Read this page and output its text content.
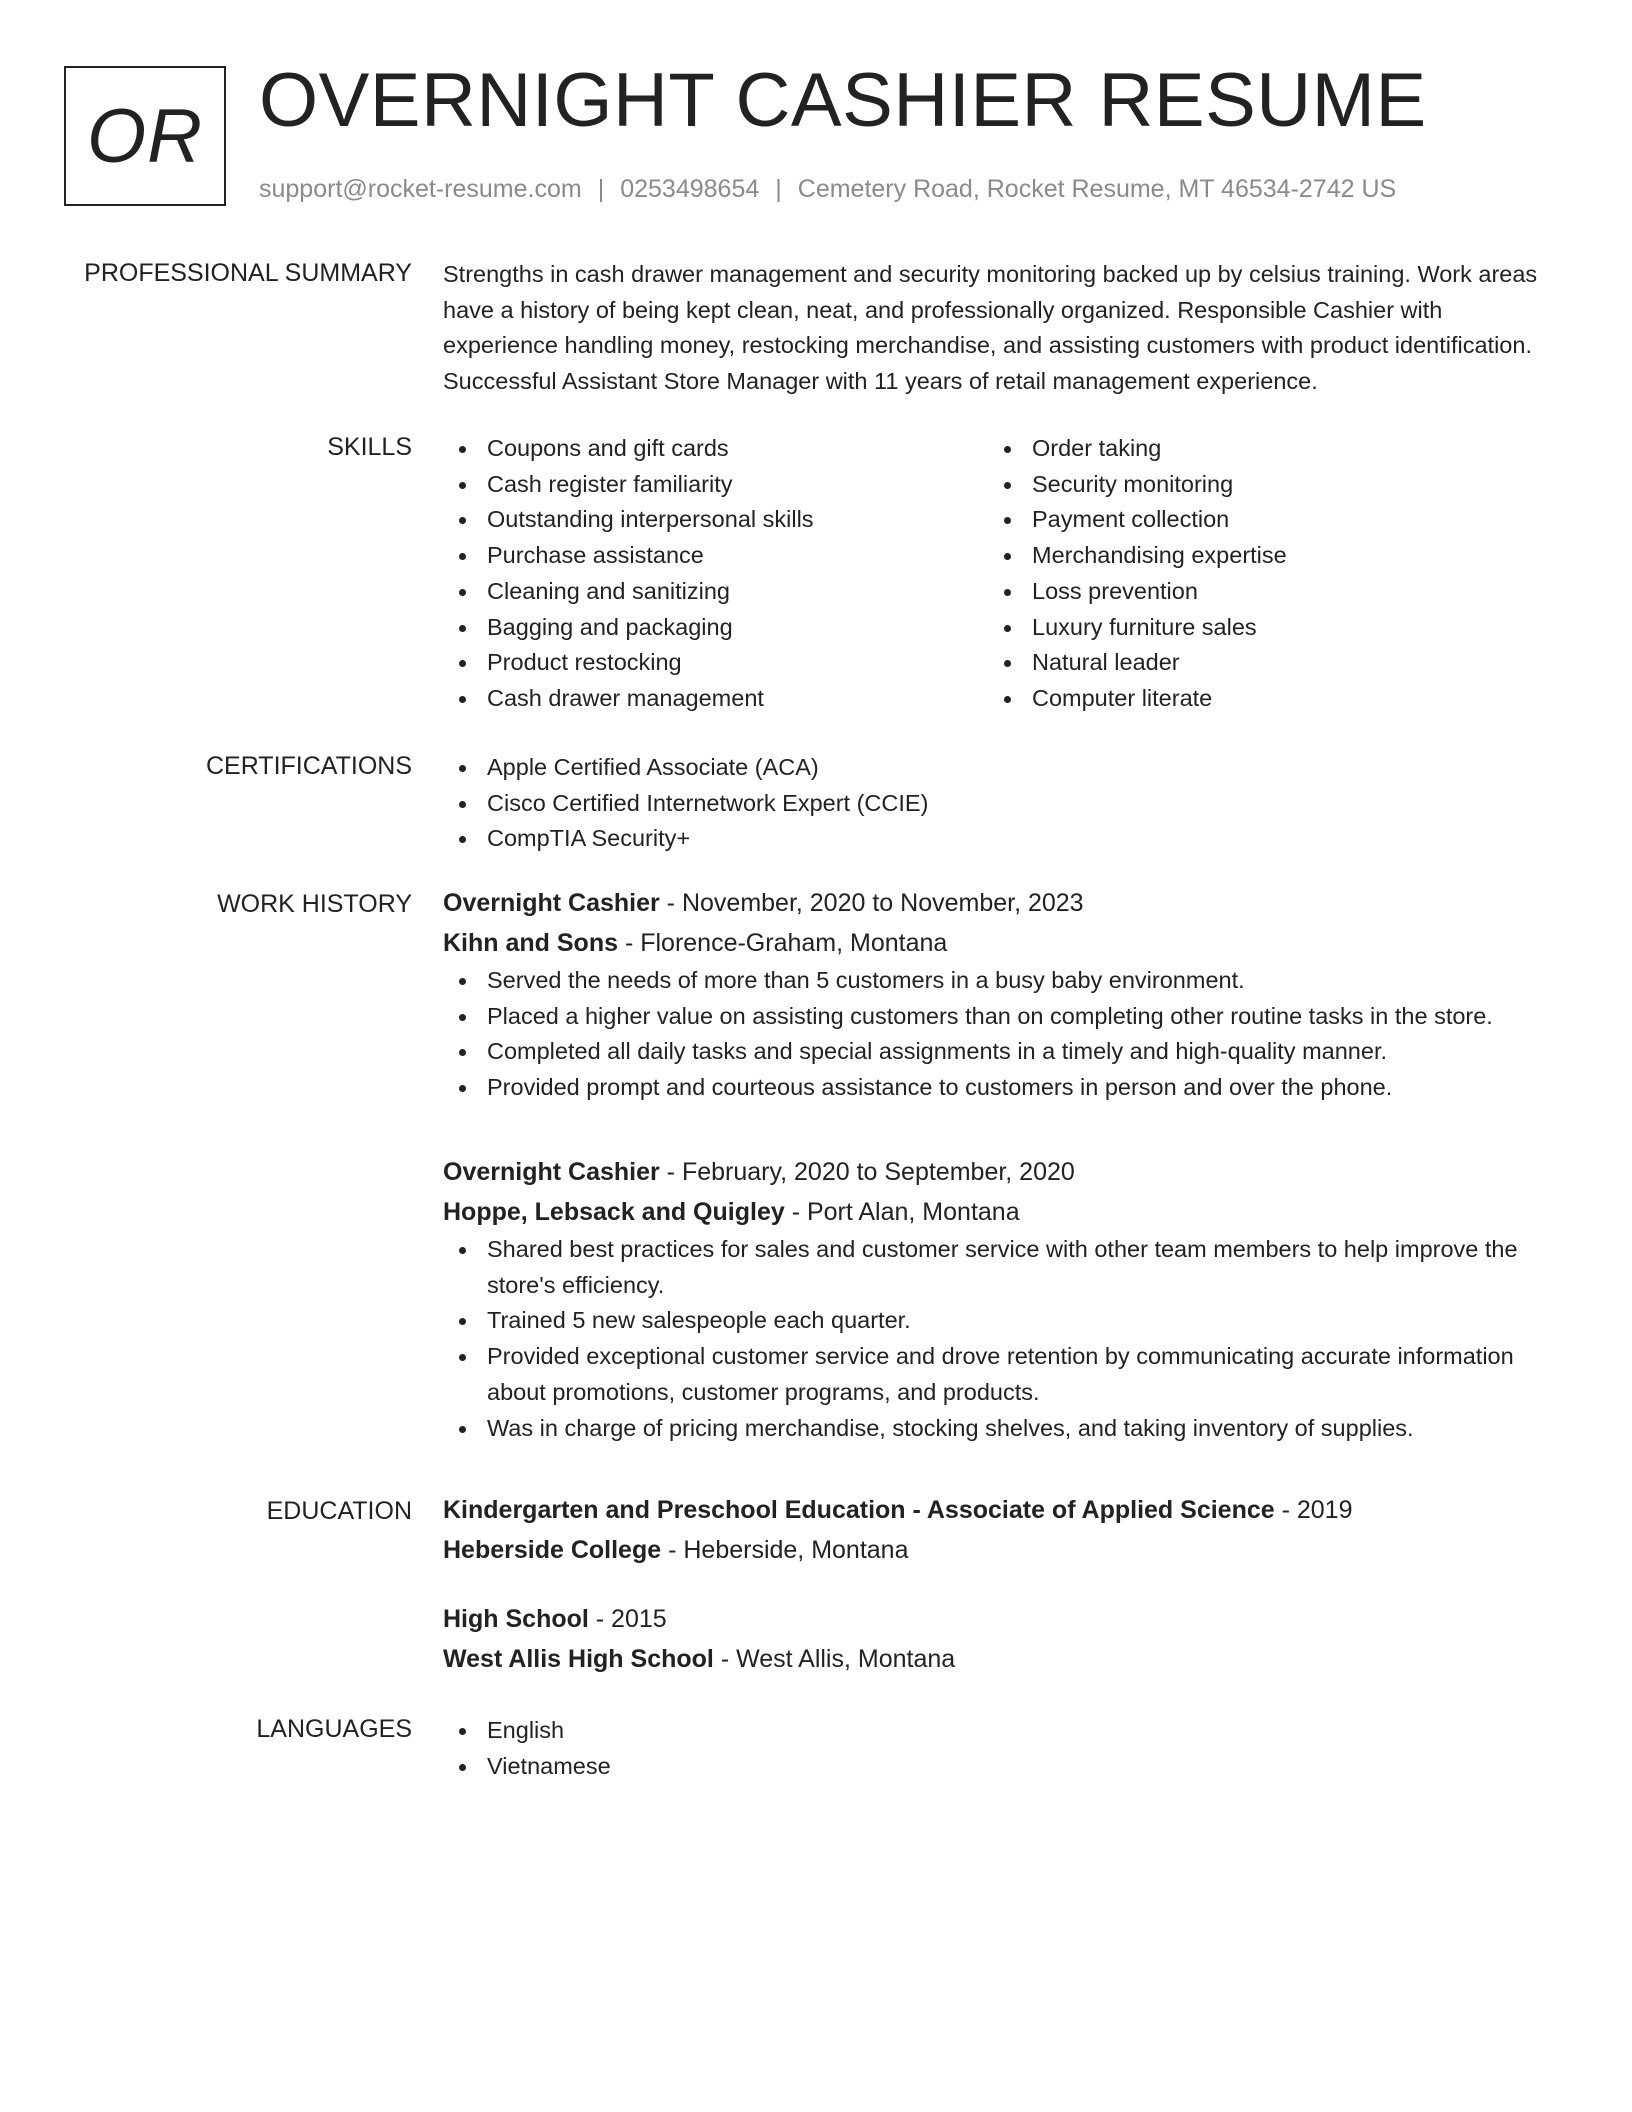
OR OVERNIGHT CASHIER RESUME
support@rocket-resume.com | 0253498654 | Cemetery Road, Rocket Resume, MT 46534-2742 US
PROFESSIONAL SUMMARY Strengths in cash drawer management and security monitoring backed up by celsius training. Work areas have a history of being kept clean, neat, and professionally organized. Responsible Cashier with experience handling money, restocking merchandise, and assisting customers with product identification. Successful Assistant Store Manager with 11 years of retail management experience.
SKILLS	Coupons and gift cards
Cash register familiarity
Outstanding interpersonal skills
Purchase assistance
Cleaning and sanitizing
Bagging and packaging
Product restocking
Cash drawer management
Order taking
Security monitoring
Payment collection
Merchandising expertise
Loss prevention
Luxury furniture sales
Natural leader
Computer literate
CERTIFICATIONS	Apple Certified Associate (ACA)
Cisco Certified Internetwork Expert (CCIE)
CompTIA Security+
WORK HISTORY Overnight Cashier - November, 2020 to November, 2023
Kihn and Sons - Florence-Graham, Montana
Served the needs of more than 5 customers in a busy baby environment.
Placed a higher value on assisting customers than on completing other routine tasks in the store.
Completed all daily tasks and special assignments in a timely and high-quality manner.
Provided prompt and courteous assistance to customers in person and over the phone.
Overnight Cashier - February, 2020 to September, 2020
Hoppe, Lebsack and Quigley - Port Alan, Montana
Shared best practices for sales and customer service with other team members to help improve the store's efficiency.
Trained 5 new salespeople each quarter.
Provided exceptional customer service and drove retention by communicating accurate information about promotions, customer programs, and products.
Was in charge of pricing merchandise, stocking shelves, and taking inventory of supplies.
EDUCATION Kindergarten and Preschool Education - Associate of Applied Science - 2019
Heberside College - Heberside, Montana
High School - 2015
West Allis High School - West Allis, Montana
LANGUAGES	English
Vietnamese
